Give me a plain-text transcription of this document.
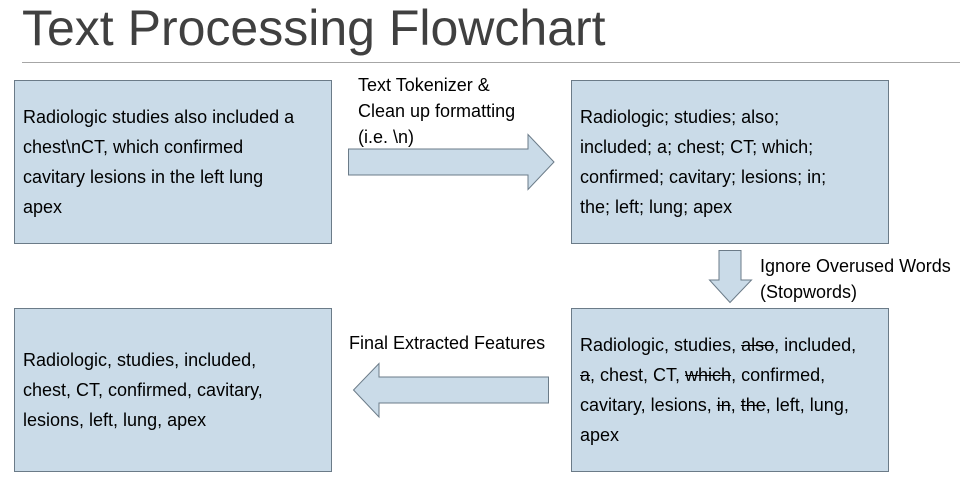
Text Processing Flowchart

Radiologic studies also included a
chest\nCT, which confirmed
cavitary lesions in the left lung
apex

Text Tokenizer &
Clean up formatting
(i.e. \n)

Radiologic; studies; also;
included; a; chest; CT; which;
confirmed; cavitary; lesions; in;
the; left; lung; apex

Ignore Overused Words
(Stopwords)

Radiologic, studies, also, included,
a, chest, CT, which, confirmed,
cavitary, lesions, in, the, left, lung,
apex

Final Extracted Features

Radiologic, studies, included,
chest, CT, confirmed, cavitary,
lesions, left, lung, apex
